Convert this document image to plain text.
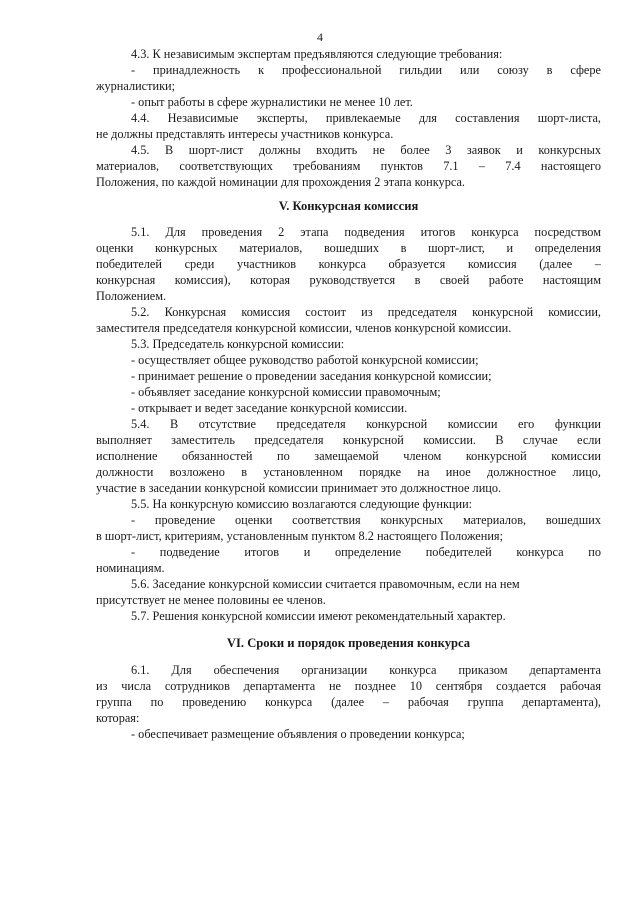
4
4.3. К независимым экспертам предъявляются следующие требования:
- принадлежность к профессиональной гильдии или союзу в сфере
журналистики;
- опыт работы в сфере журналистики не менее 10 лет.
4.4. Независимые эксперты, привлекаемые для составления шорт-листа,
не должны представлять интересы участников конкурса.
4.5. В шорт-лист должны входить не более 3 заявок и конкурсных
материалов, соответствующих требованиям пунктов 7.1 – 7.4 настоящего
Положения, по каждой номинации для прохождения 2 этапа конкурса.
V. Конкурсная комиссия
5.1. Для проведения 2 этапа подведения итогов конкурса посредством
оценки конкурсных материалов, вошедших в шорт-лист, и определения
победителей среди участников конкурса образуется комиссия (далее –
конкурсная комиссия), которая руководствуется в своей работе настоящим
Положением.
5.2. Конкурсная комиссия состоит из председателя конкурсной комиссии,
заместителя председателя конкурсной комиссии, членов конкурсной комиссии.
5.3. Председатель конкурсной комиссии:
- осуществляет общее руководство работой конкурсной комиссии;
- принимает решение о проведении заседания конкурсной комиссии;
- объявляет заседание конкурсной комиссии правомочным;
- открывает и ведет заседание конкурсной комиссии.
5.4. В отсутствие председателя конкурсной комиссии его функции
выполняет заместитель председателя конкурсной комиссии. В случае если
исполнение обязанностей по замещаемой членом конкурсной комиссии
должности возложено в установленном порядке на иное должностное лицо,
участие в заседании конкурсной комиссии принимает это должностное лицо.
5.5. На конкурсную комиссию возлагаются следующие функции:
- проведение оценки соответствия конкурсных материалов, вошедших
в шорт-лист, критериям, установленным пунктом 8.2 настоящего Положения;
- подведение итогов и определение победителей конкурса по
номинациям.
5.6. Заседание конкурсной комиссии считается правомочным, если на нем
присутствует не менее половины ее членов.
5.7. Решения конкурсной комиссии имеют рекомендательный характер.
VI. Сроки и порядок проведения конкурса
6.1. Для обеспечения организации конкурса приказом департамента
из числа сотрудников департамента не позднее 10 сентября создается рабочая
группа по проведению конкурса (далее – рабочая группа департамента),
которая:
- обеспечивает размещение объявления о проведении конкурса;
